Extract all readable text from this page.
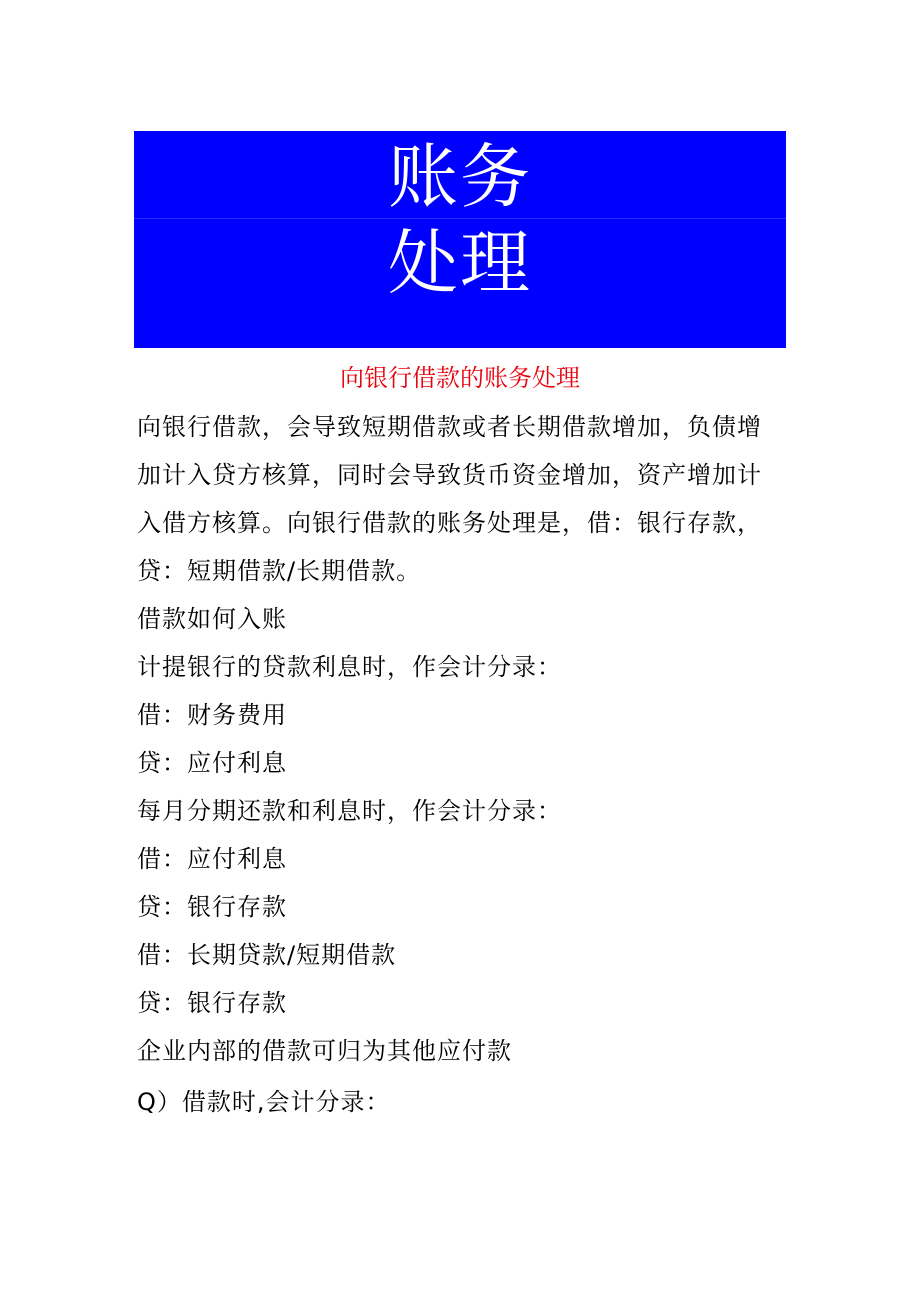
账务
处理
向银行借款的账务处理

向银行借款，会导致短期借款或者长期借款增加，负债增加计入贷方核算，同时会导致货币资金增加，资产增加计入借方核算。向银行借款的账务处理是，借：银行存款，

贷：短期借款/长期借款。

借款如何入账

计提银行的贷款利息时，作会计分录：

借：财务费用

贷：应付利息

每月分期还款和利息时，作会计分录：

借：应付利息

贷：银行存款

借：长期贷款/短期借款

贷：银行存款

企业内部的借款可归为其他应付款

Q）借款时,会计分录：
